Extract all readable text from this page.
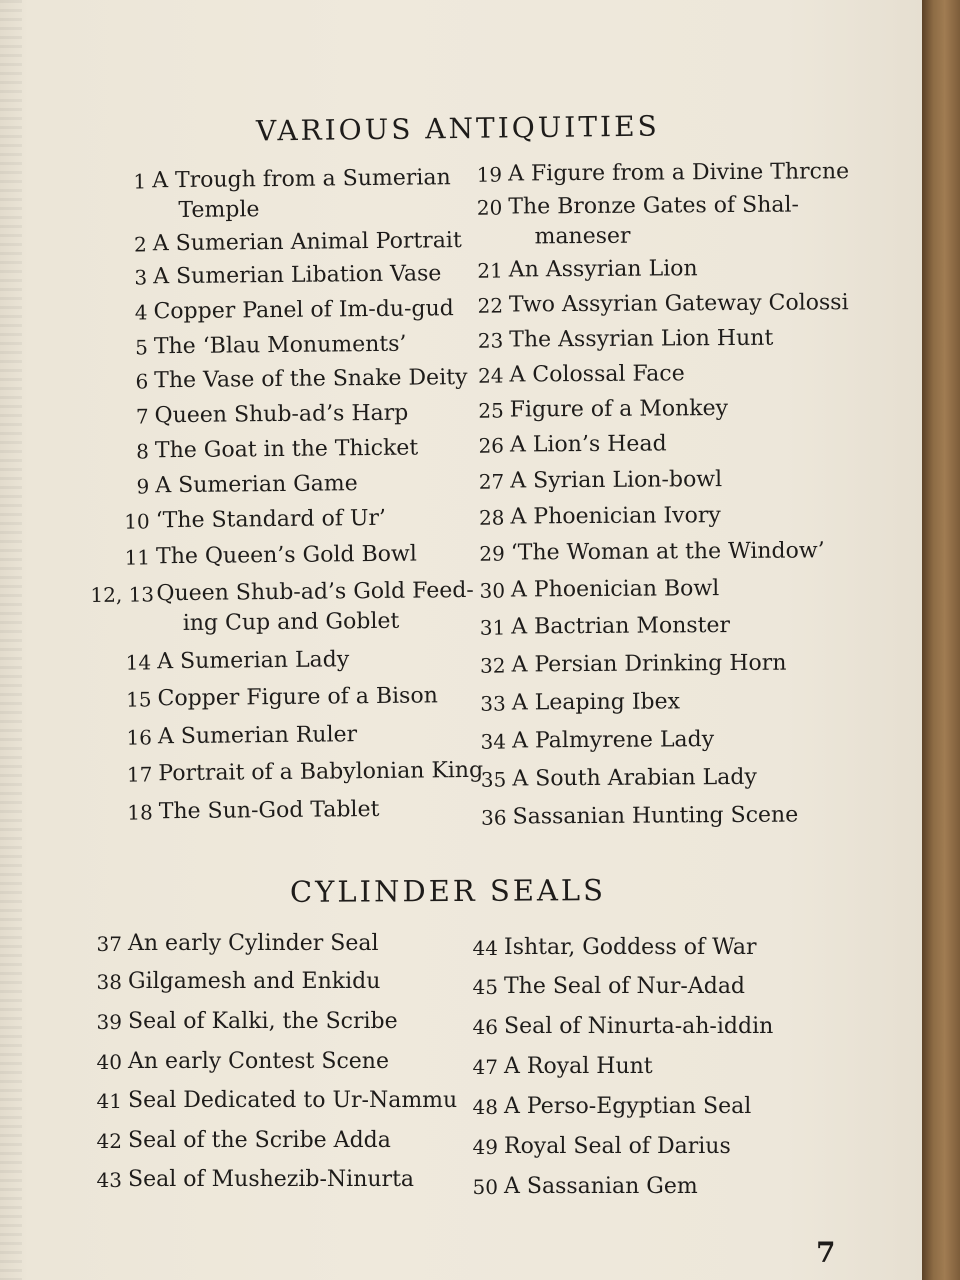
VARIOUS ANTIQUITIES
1 A Trough from a Sumerian
Temple
2 A Sumerian Animal Portrait
3 A Sumerian Libation Vase
4 Copper Panel of Im-du-gud
5 The ‘Blau Monuments’
6 The Vase of the Snake Deity
7 Queen Shub-ad’s Harp
8 The Goat in the Thicket
9 A Sumerian Game
10 ‘The Standard of Ur’
11 The Queen’s Gold Bowl
12, 13 Queen Shub-ad’s Gold Feed-
ing Cup and Goblet
14 A Sumerian Lady
15 Copper Figure of a Bison
16 A Sumerian Ruler
17 Portrait of a Babylonian King
18 The Sun-God Tablet
19 A Figure from a Divine Thrcne
20 The Bronze Gates of Shal-
maneser
21 An Assyrian Lion
22 Two Assyrian Gateway Colossi
23 The Assyrian Lion Hunt
24 A Colossal Face
25 Figure of a Monkey
26 A Lion’s Head
27 A Syrian Lion-bowl
28 A Phoenician Ivory
29 ‘The Woman at the Window’
30 A Phoenician Bowl
31 A Bactrian Monster
32 A Persian Drinking Horn
33 A Leaping Ibex
34 A Palmyrene Lady
35 A South Arabian Lady
36 Sassanian Hunting Scene
CYLINDER SEALS
37 An early Cylinder Seal
38 Gilgamesh and Enkidu
39 Seal of Kalki, the Scribe
40 An early Contest Scene
41 Seal Dedicated to Ur-Nammu
42 Seal of the Scribe Adda
43 Seal of Mushezib-Ninurta
44 Ishtar, Goddess of War
45 The Seal of Nur-Adad
46 Seal of Ninurta-ah-iddin
47 A Royal Hunt
48 A Perso-Egyptian Seal
49 Royal Seal of Darius
50 A Sassanian Gem
7
